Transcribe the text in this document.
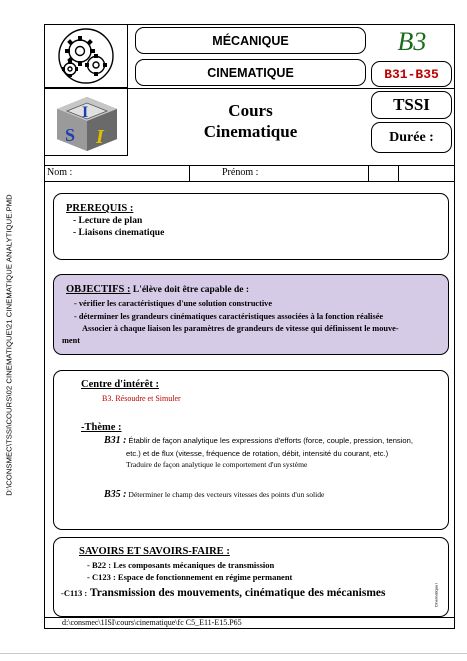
D:\CONSMEC\TSSI\COURS\02 CINEMATIQUE\21 CINEMATIQUE ANALYTIQUE.PMD
MÉCANIQUE
CINEMATIQUE
B3
B31-B35
I
S I
Cours
Cinematique
TSSI
Durée :
Nom :	Prénom :
PREREQUIS :
- Lecture de plan
- Liaisons cinematique
OBJECTIFS : L'élève doit être capable de :
- vérifier les caractéristiques d'une solution constructive
- déterminer les grandeurs cinématiques caractéristiques associées à la fonction réalisée
Associer à chaque liaison les paramètres de grandeurs de vitesse qui définissent le mouve-
ment
Centre d'intérêt :
B3. Résoudre et Simuler
-Thème :
B31 : Établir de façon analytique les expressions d'efforts (force, couple, pression, tension,
etc.) et de flux (vitesse, fréquence de rotation, débit, intensité du courant, etc.)
Traduire de façon analytique le comportement d'un système
B35 : Déterminer le champ des vecteurs vitesses des points d'un solide
SAVOIRS ET SAVOIRS-FAIRE :
- B22 : Les composants mécaniques de transmission
- C123 : Espace de fonctionnement en régime permanent
-C113 : Transmission des mouvements, cinématique des mécanismes	Cinematique i
d:\consmec\1ISI\cours\cinematique\fc C5_E11-E15.P65
